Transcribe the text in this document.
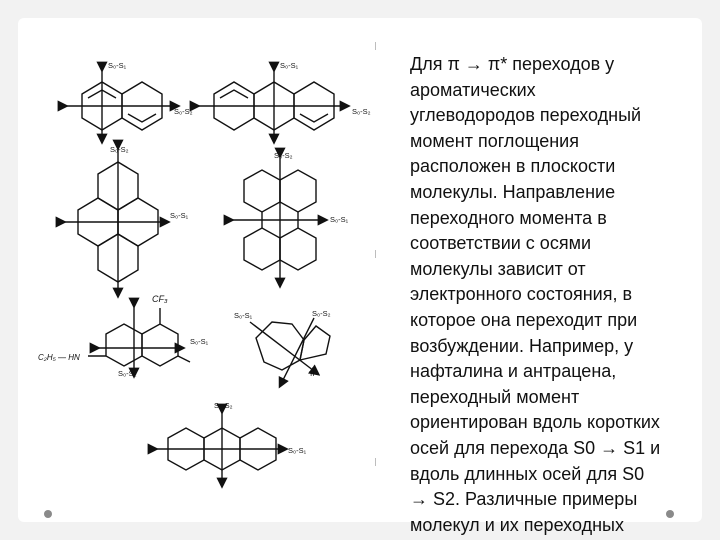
S₀-S₁
S₀-S₂
S₀-S₁
S₀-S₂
S₀-S₂
S₀-S₁
S₀-S₂
S₀-S₁
CF₃
C₂H₅ — HN
S₀-S₁
S₀-S₂
S₀-S₁	S₀-S₂
II
S₀-S₂
S₀-S₁
Для π → π* переходов у
ароматических
углеводородов переходный
момент поглощения
расположен в плоскости
молекулы. Направление
переходного момента в
соответствии с осями
молекулы зависит от
электронного состояния, в
которое она переходит при
возбуждении. Например, у
нафталина и антрацена,
переходный момент
ориентирован вдоль коротких
осей для перехода S0 → S1 и
вдоль длинных осей для S0
→ S2. Различные примеры
молекул и их переходных
